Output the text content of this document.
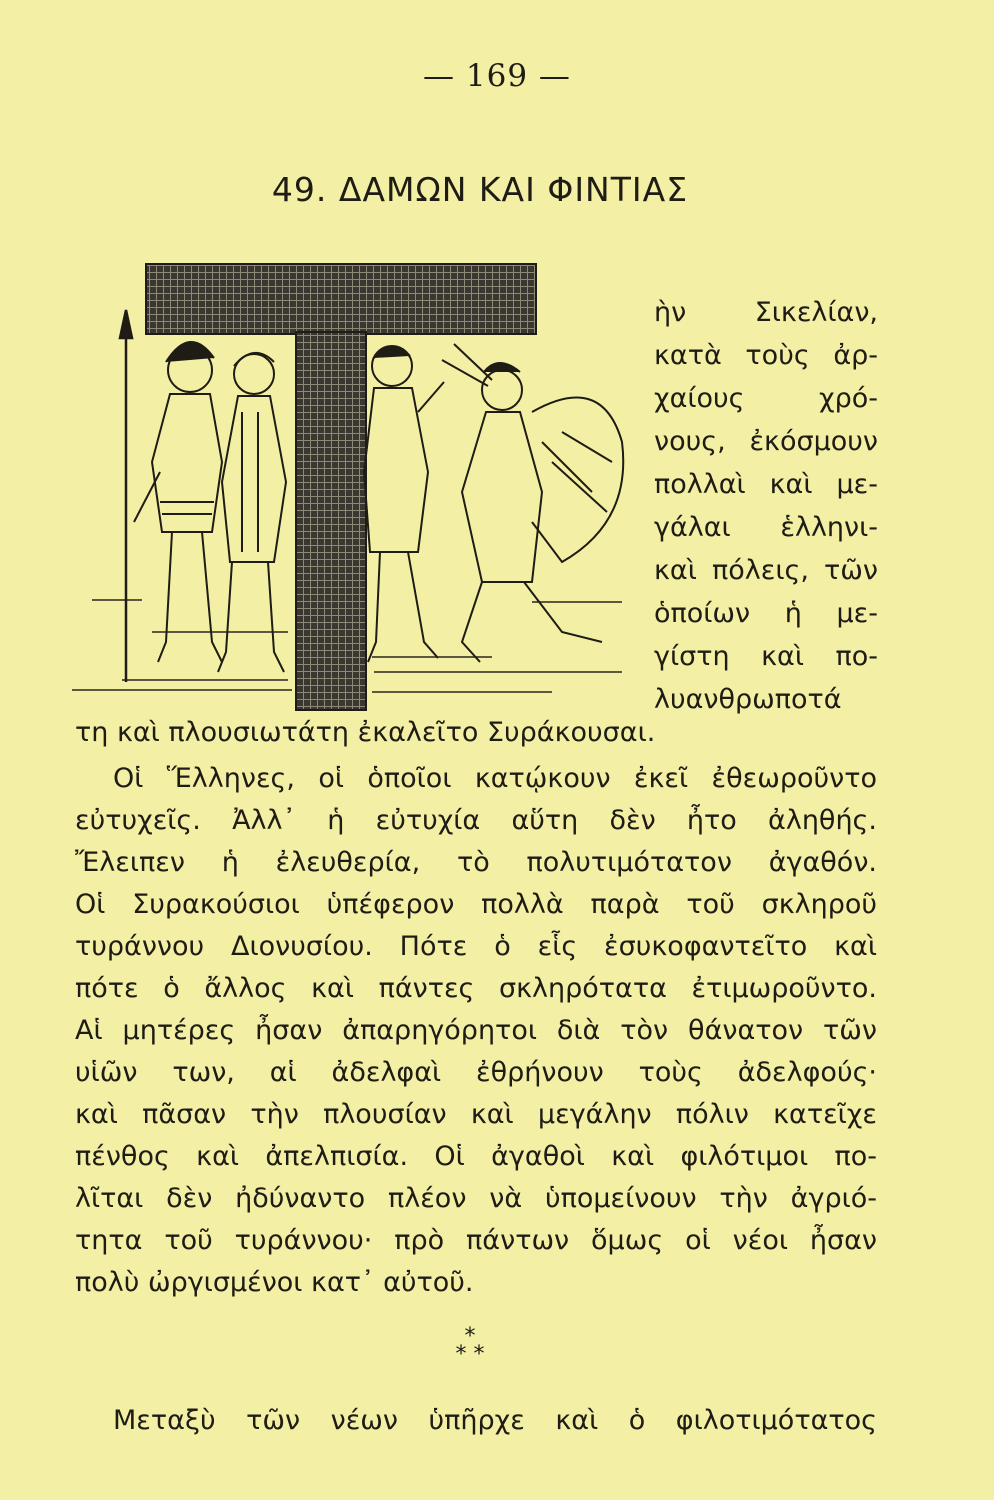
— 169 —
49. ΔΑΜΩΝ ΚΑΙ ΦΙΝΤΙΑΣ
ὴν Σικελίαν,
κατὰ τοὺς ἀρ-
χαίους χρό-
νους, ἐκόσμουν
πολλαὶ καὶ με-
γάλαι ἑλληνι-
καὶ πόλεις, τῶν
ὁποίων ἡ με-
γίστη καὶ πο-
λυανθρωποτά
τη καὶ πλουσιωτάτη ἐκαλεῖτο Συράκουσαι.
Οἱ Ἕλληνες, οἱ ὁποῖοι κατῴκουν ἐκεῖ ἐθεωροῦντο
εὐτυχεῖς. Ἀλλ᾽ ἡ εὐτυχία αὕτη δὲν ἦτο ἀληθής.
Ἔλειπεν ἡ ἐλευθερία, τὸ πολυτιμότατον ἀγαθόν.
Οἱ Συρακούσιοι ὑπέφερον πολλὰ παρὰ τοῦ σκληροῦ
τυράννου Διονυσίου. Πότε ὁ εἷς ἐσυκοφαντεῖτο καὶ
πότε ὁ ἄλλος καὶ πάντες σκληρότατα ἐτιμωροῦντο.
Αἱ μητέρες ἦσαν ἀπαρηγόρητοι διὰ τὸν θάνατον τῶν
υἱῶν των, αἱ ἀδελφαὶ ἐθρήνουν τοὺς ἀδελφούς·
καὶ πᾶσαν τὴν πλουσίαν καὶ μεγάλην πόλιν κατεῖχε
πένθος καὶ ἀπελπισία. Οἱ ἀγαθοὶ καὶ φιλότιμοι πο-
λῖται δὲν ἠδύναντο πλέον νὰ ὑπομείνουν τὴν ἀγριό-
τητα τοῦ τυράννου· πρὸ πάντων ὅμως οἱ νέοι ἦσαν
πολὺ ὠργισμένοι κατ᾽ αὐτοῦ.
*
* *
Μεταξὺ τῶν νέων ὑπῆρχε καὶ ὁ φιλοτιμότατος
